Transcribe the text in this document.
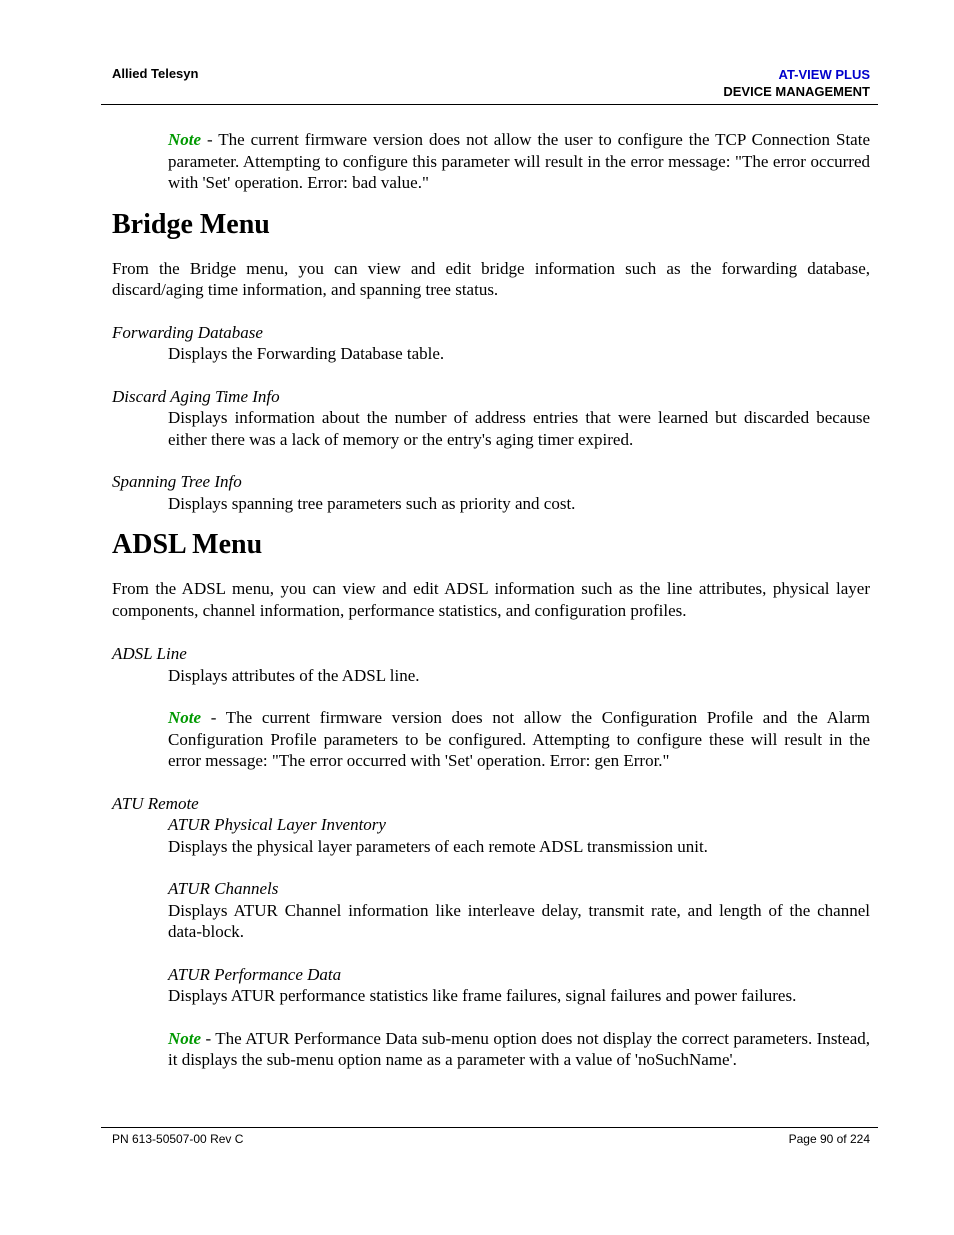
Allied Telesyn	AT-VIEW PLUS
DEVICE MANAGEMENT

Note - The current firmware version does not allow the user to configure the TCP Connection State parameter. Attempting to configure this parameter will result in the error message: "The error occurred with 'Set' operation. Error: bad value."

Bridge Menu

From the Bridge menu, you can view and edit bridge information such as the forwarding database, discard/aging time information, and spanning tree status.

Forwarding Database

Displays the Forwarding Database table.

Discard Aging Time Info

Displays information about the number of address entries that were learned but discarded because either there was a lack of memory or the entry's aging timer expired.

Spanning Tree Info

Displays spanning tree parameters such as priority and cost.

ADSL Menu

From the ADSL menu, you can view and edit ADSL information such as the line attributes, physical layer components, channel information, performance statistics, and configuration profiles.

ADSL Line

Displays attributes of the ADSL line.

Note - The current firmware version does not allow the Configuration Profile and the Alarm Configuration Profile parameters to be configured. Attempting to configure these will result in the error message: "The error occurred with 'Set' operation. Error: gen Error."

ATU Remote

ATUR Physical Layer Inventory

Displays the physical layer parameters of each remote ADSL transmission unit.

ATUR Channels

Displays ATUR Channel information like interleave delay, transmit rate, and length of the channel data-block.

ATUR Performance Data

Displays ATUR performance statistics like frame failures, signal failures and power failures.

Note - The ATUR Performance Data sub-menu option does not display the correct parameters. Instead, it displays the sub-menu option name as a parameter with a value of 'noSuchName'.

PN 613-50507-00 Rev C	Page 90 of 224
